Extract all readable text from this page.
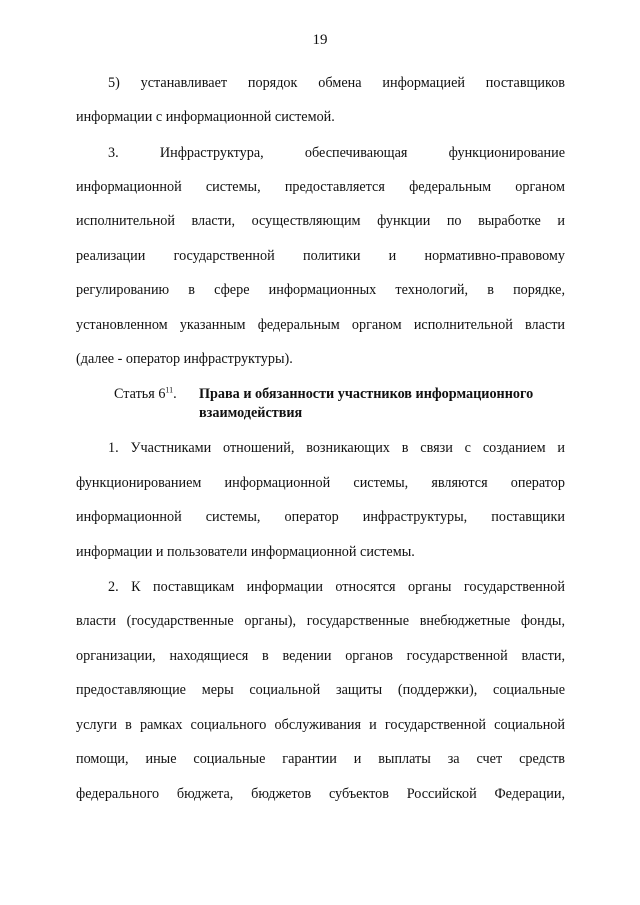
19
5) устанавливает порядок обмена информацией поставщиков
информации с информационной системой.
3. Инфраструктура, обеспечивающая функционирование
информационной системы, предоставляется федеральным органом
исполнительной власти, осуществляющим функции по выработке и
реализации государственной политики и нормативно-правовому
регулированию в сфере информационных технологий, в порядке,
установленном указанным федеральным органом исполнительной власти
(далее - оператор инфраструктуры).
Статья $6^{11}$. Права и обязанности участников информационного
взаимодействия
1. Участниками отношений, возникающих в связи с созданием и
функционированием информационной системы, являются оператор
информационной системы, оператор инфраструктуры, поставщики
информации и пользователи информационной системы.
2. К поставщикам информации относятся органы государственной
власти (государственные органы), государственные внебюджетные фонды,
организации, находящиеся в ведении органов государственной власти,
предоставляющие меры социальной защиты (поддержки), социальные
услуги в рамках социального обслуживания и государственной социальной
помощи, иные социальные гарантии и выплаты за счет средств
федерального бюджета, бюджетов субъектов Российской Федерации,
